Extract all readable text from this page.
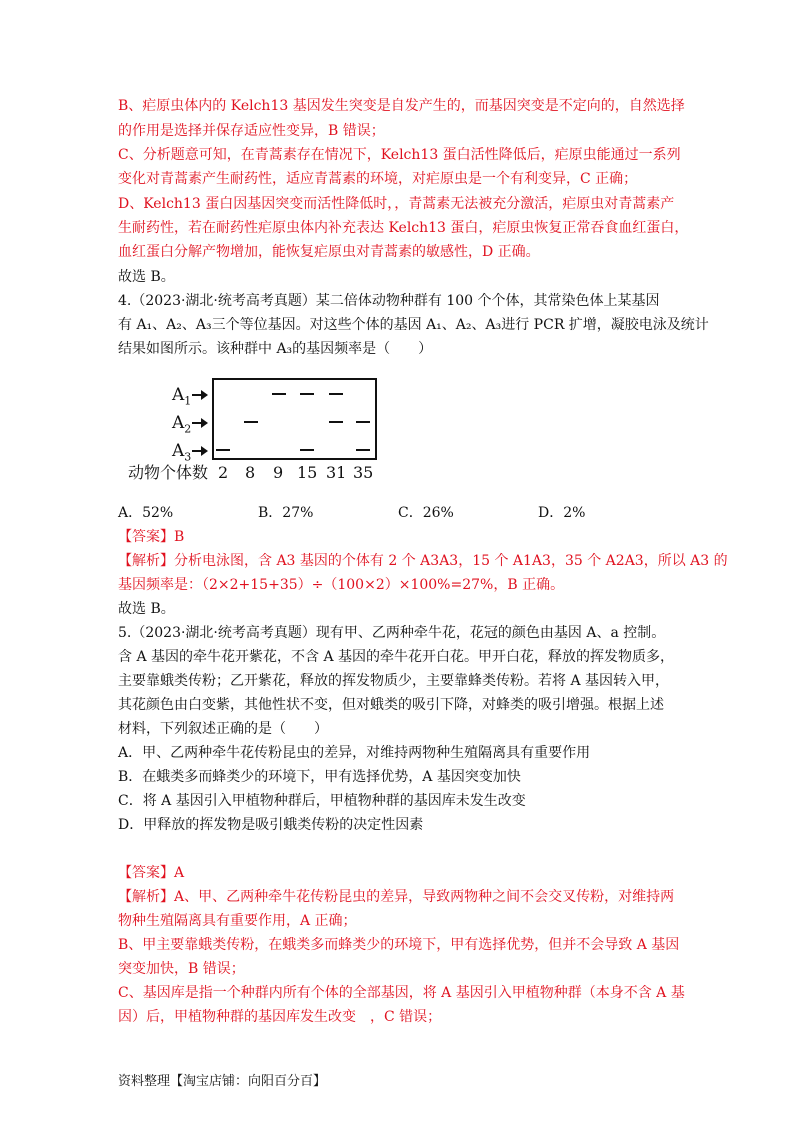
B、疟原虫体内的 Kelch13 基因发生突变是自发产生的，而基因突变是不定向的，自然选择
的作用是选择并保存适应性变异，B 错误；
C、分析题意可知，在青蒿素存在情况下，Kelch13 蛋白活性降低后，疟原虫能通过一系列
变化对青蒿素产生耐药性，适应青蒿素的环境，对疟原虫是一个有利变异，C 正确；
D、Kelch13 蛋白因基因突变而活性降低时，，青蒿素无法被充分激活，疟原虫对青蒿素产
生耐药性，若在耐药性疟原虫体内补充表达 Kelch13 蛋白，疟原虫恢复正常吞食血红蛋白，
血红蛋白分解产物增加，能恢复疟原虫对青蒿素的敏感性，D 正确。
故选 B。
4.（2023·湖北·统考高考真题）某二倍体动物种群有 100 个个体，其常染色体上某基因
有 A₁、A₂、A₃三个等位基因。对这些个体的基因 A₁、A₂、A₃进行 PCR 扩增，凝胶电泳及统计
结果如图所示。该种群中 A₃的基因频率是（　　）
$A_1$
$A_2$
$A_3$
动物个体数 2 8 9 15 31 35
A．52%	B．27%	C．26%	D．2%
【答案】B
【解析】分析电泳图，含 A3 基因的个体有 2 个 A3A3，15 个 A1A3，35 个 A2A3，所以 A3 的
基因频率是：（2×2+15+35）÷（100×2）×100%=27%，B 正确。
故选 B。
5.（2023·湖北·统考高考真题）现有甲、乙两种牵牛花，花冠的颜色由基因 A、a 控制。
含 A 基因的牵牛花开紫花，不含 A 基因的牵牛花开白花。甲开白花，释放的挥发物质多，
主要靠蛾类传粉；乙开紫花，释放的挥发物质少，主要靠蜂类传粉。若将 A 基因转入甲，
其花颜色由白变紫，其他性状不变，但对蛾类的吸引下降，对蜂类的吸引增强。根据上述
材料，下列叙述正确的是（　　）
A．甲、乙两种牵牛花传粉昆虫的差异，对维持两物种生殖隔离具有重要作用
B．在蛾类多而蜂类少的环境下，甲有选择优势，A 基因突变加快
C．将 A 基因引入甲植物种群后，甲植物种群的基因库未发生改变
D．甲释放的挥发物是吸引蛾类传粉的决定性因素
【答案】A
【解析】A、甲、乙两种牵牛花传粉昆虫的差异，导致两物种之间不会交叉传粉，对维持两
物种生殖隔离具有重要作用，A 正确；
B、甲主要靠蛾类传粉，在蛾类多而蜂类少的环境下，甲有选择优势，但并不会导致 A 基因
突变加快，B 错误；
C、基因库是指一个种群内所有个体的全部基因，将 A 基因引入甲植物种群（本身不含 A 基
因）后，甲植物种群的基因库发生改变　，C 错误；
资料整理【淘宝店铺：向阳百分百】
